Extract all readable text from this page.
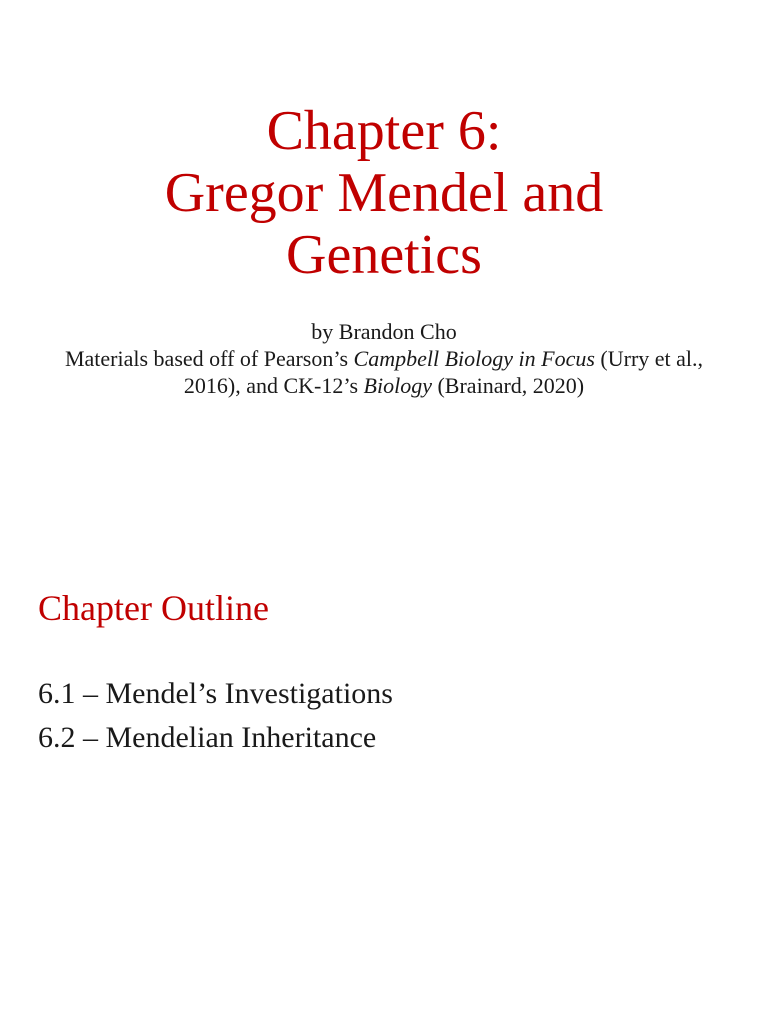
Chapter 6:
Gregor Mendel and
Genetics
by Brandon Cho
Materials based off of Pearson’s Campbell Biology in Focus (Urry et al., 2016), and CK-12’s Biology (Brainard, 2020)
Chapter Outline
6.1 – Mendel’s Investigations
6.2 – Mendelian Inheritance
